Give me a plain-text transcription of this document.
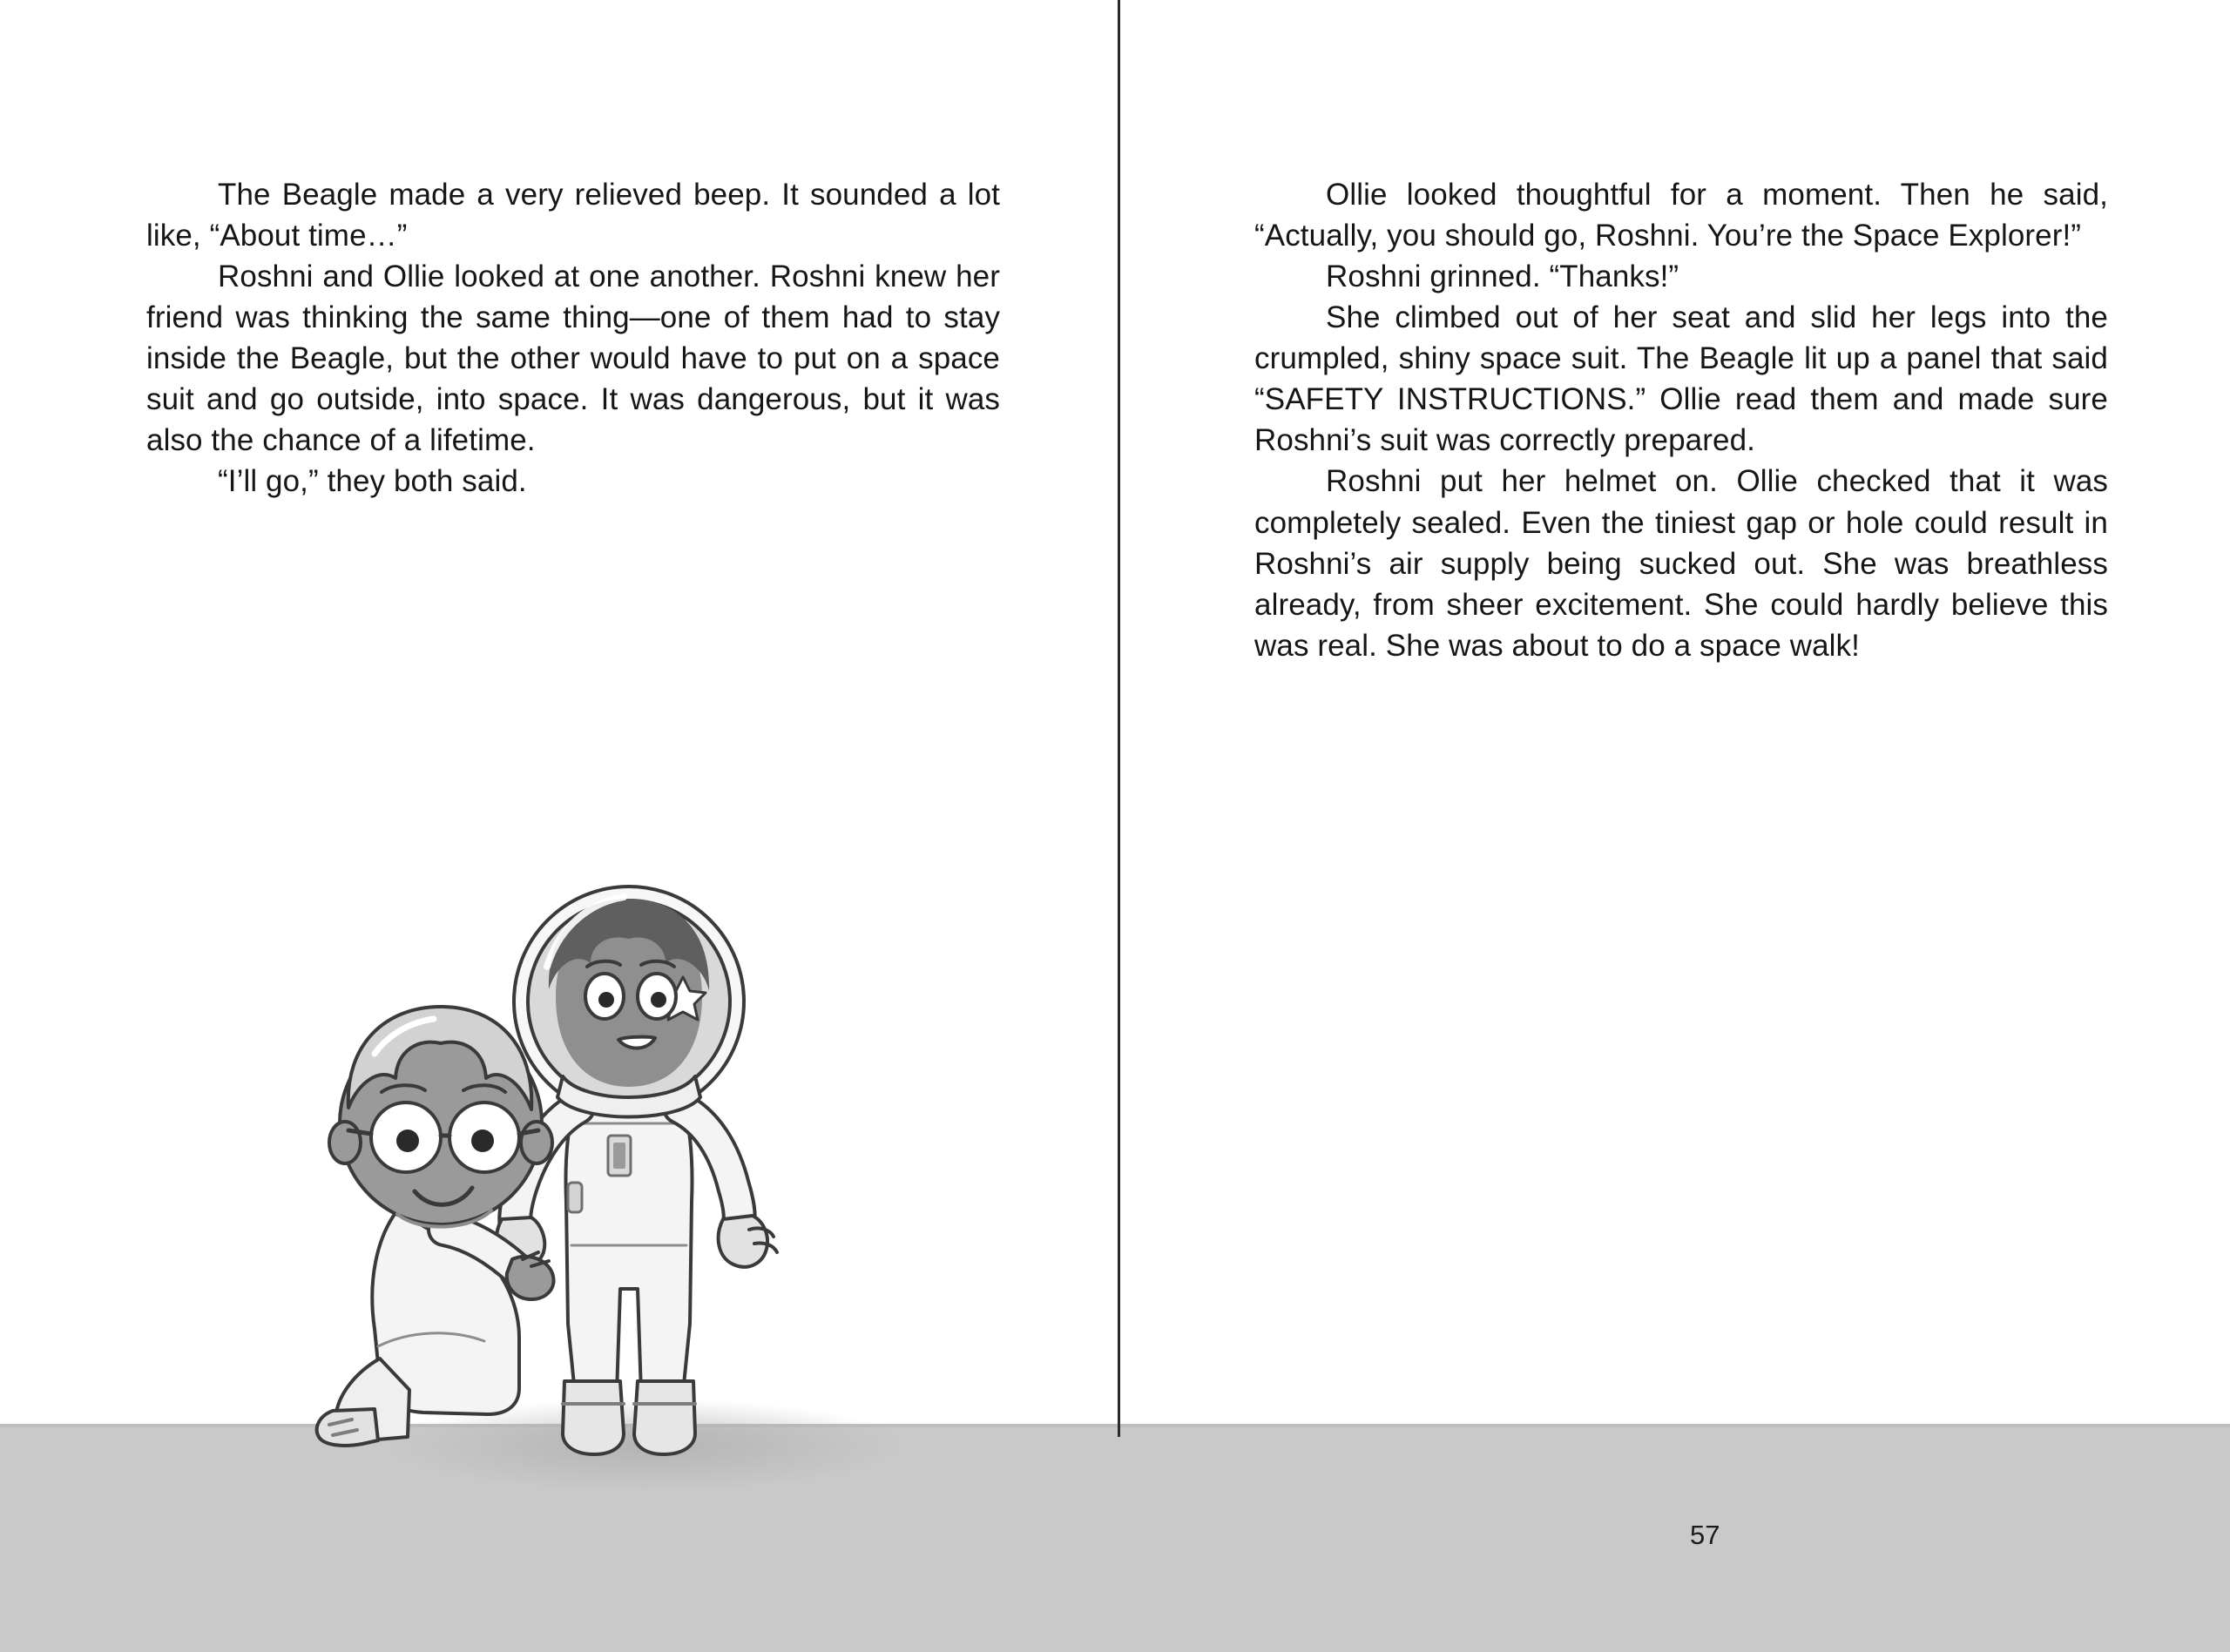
The Beagle made a very relieved beep. It sounded a lot like, “About time…”

Roshni and Ollie looked at one another. Roshni knew her friend was thinking the same thing—one of them had to stay inside the Beagle, but the other would have to put on a space suit and go outside, into space. It was dangerous, but it was also the chance of a lifetime.

“I’ll go,” they both said.

Ollie looked thoughtful for a moment. Then he said, “Actually, you should go, Roshni. You’re the Space Explorer!”

Roshni grinned. “Thanks!”

She climbed out of her seat and slid her legs into the crumpled, shiny space suit. The Beagle lit up a panel that said “SAFETY INSTRUCTIONS.” Ollie read them and made sure Roshni’s suit was correctly prepared.

Roshni put her helmet on. Ollie checked that it was completely sealed. Even the tiniest gap or hole could result in Roshni’s air supply being sucked out. She was breathless already, from sheer excitement. She could hardly believe this was real. She was about to do a space walk!

57
